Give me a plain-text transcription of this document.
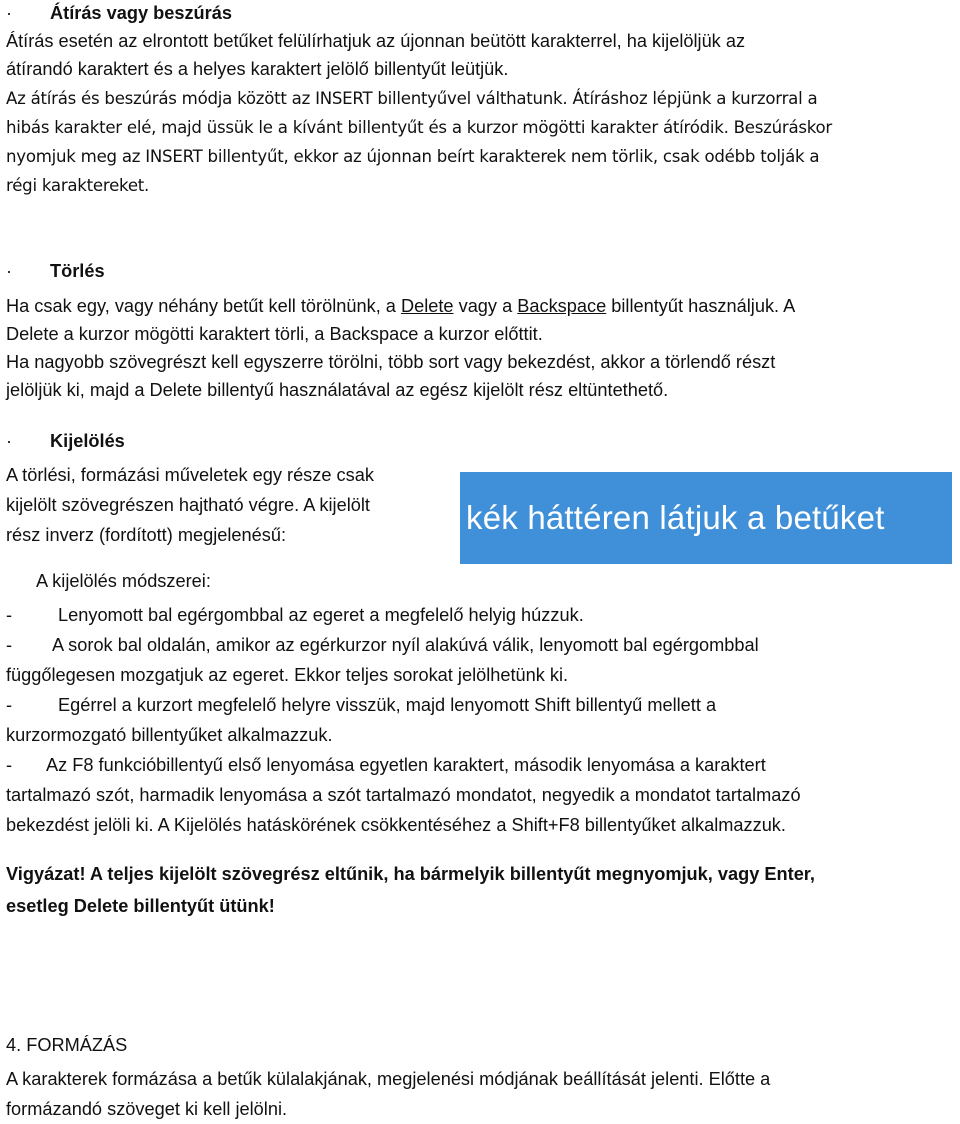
·	Átírás vagy beszúrás

Átírás esetén az elrontott betűket felülírhatjuk az újonnan beütött karakterrel, ha kijelöljük az

átírandó karaktert és a helyes karaktert jelölő billentyűt leütjük.

Az átírás és beszúrás módja között az INSERT billentyűvel válthatunk. Átíráshoz lépjünk a kurzorral a

hibás karakter elé, majd üssük le a kívánt billentyűt és a kurzor mögötti karakter átíródik. Beszúráskor

nyomjuk meg az INSERT billentyűt, ekkor az újonnan beírt karakterek nem törlik, csak odébb tolják a

régi karaktereket.

·	Törlés

Ha csak egy, vagy néhány betűt kell törölnünk, a Delete vagy a Backspace billentyűt használjuk. A

Delete a kurzor mögötti karaktert törli, a Backspace a kurzor előttit.

Ha nagyobb szövegrészt kell egyszerre törölni, több sort vagy bekezdést, akkor a törlendő részt

jelöljük ki, majd a Delete billentyű használatával az egész kijelölt rész eltüntethető.

·	Kijelölés

A törlési, formázási műveletek egy része csak

kijelölt szövegrészen hajtható végre. A kijelölt

rész inverz (fordított) megjelenésű:	kék háttéren látjuk a betűket

A kijelölés módszerei:

-	Lenyomott bal egérgombbal az egeret a megfelelő helyig húzzuk.

- A sorok bal oldalán, amikor az egérkurzor nyíl alakúvá válik, lenyomott bal egérgombbal

függőlegesen mozgatjuk az egeret. Ekkor teljes sorokat jelölhetünk ki.

-	Egérrel a kurzort megfelelő helyre visszük, majd lenyomott Shift billentyű mellett a

kurzormozgató billentyűket alkalmazzuk.

- Az F8 funkcióbillentyű első lenyomása egyetlen karaktert, második lenyomása a karaktert

tartalmazó szót, harmadik lenyomása a szót tartalmazó mondatot, negyedik a mondatot tartalmazó

bekezdést jelöli ki. A Kijelölés hatáskörének csökkentéséhez a Shift+F8 billentyűket alkalmazzuk.

Vigyázat! A teljes kijelölt szövegrész eltűnik, ha bármelyik billentyűt megnyomjuk, vagy Enter,

esetleg Delete billentyűt ütünk!

4. FORMÁZÁS

A karakterek formázása a betűk külalakjának, megjelenési módjának beállítását jelenti. Előtte a

formázandó szöveget ki kell jelölni.
